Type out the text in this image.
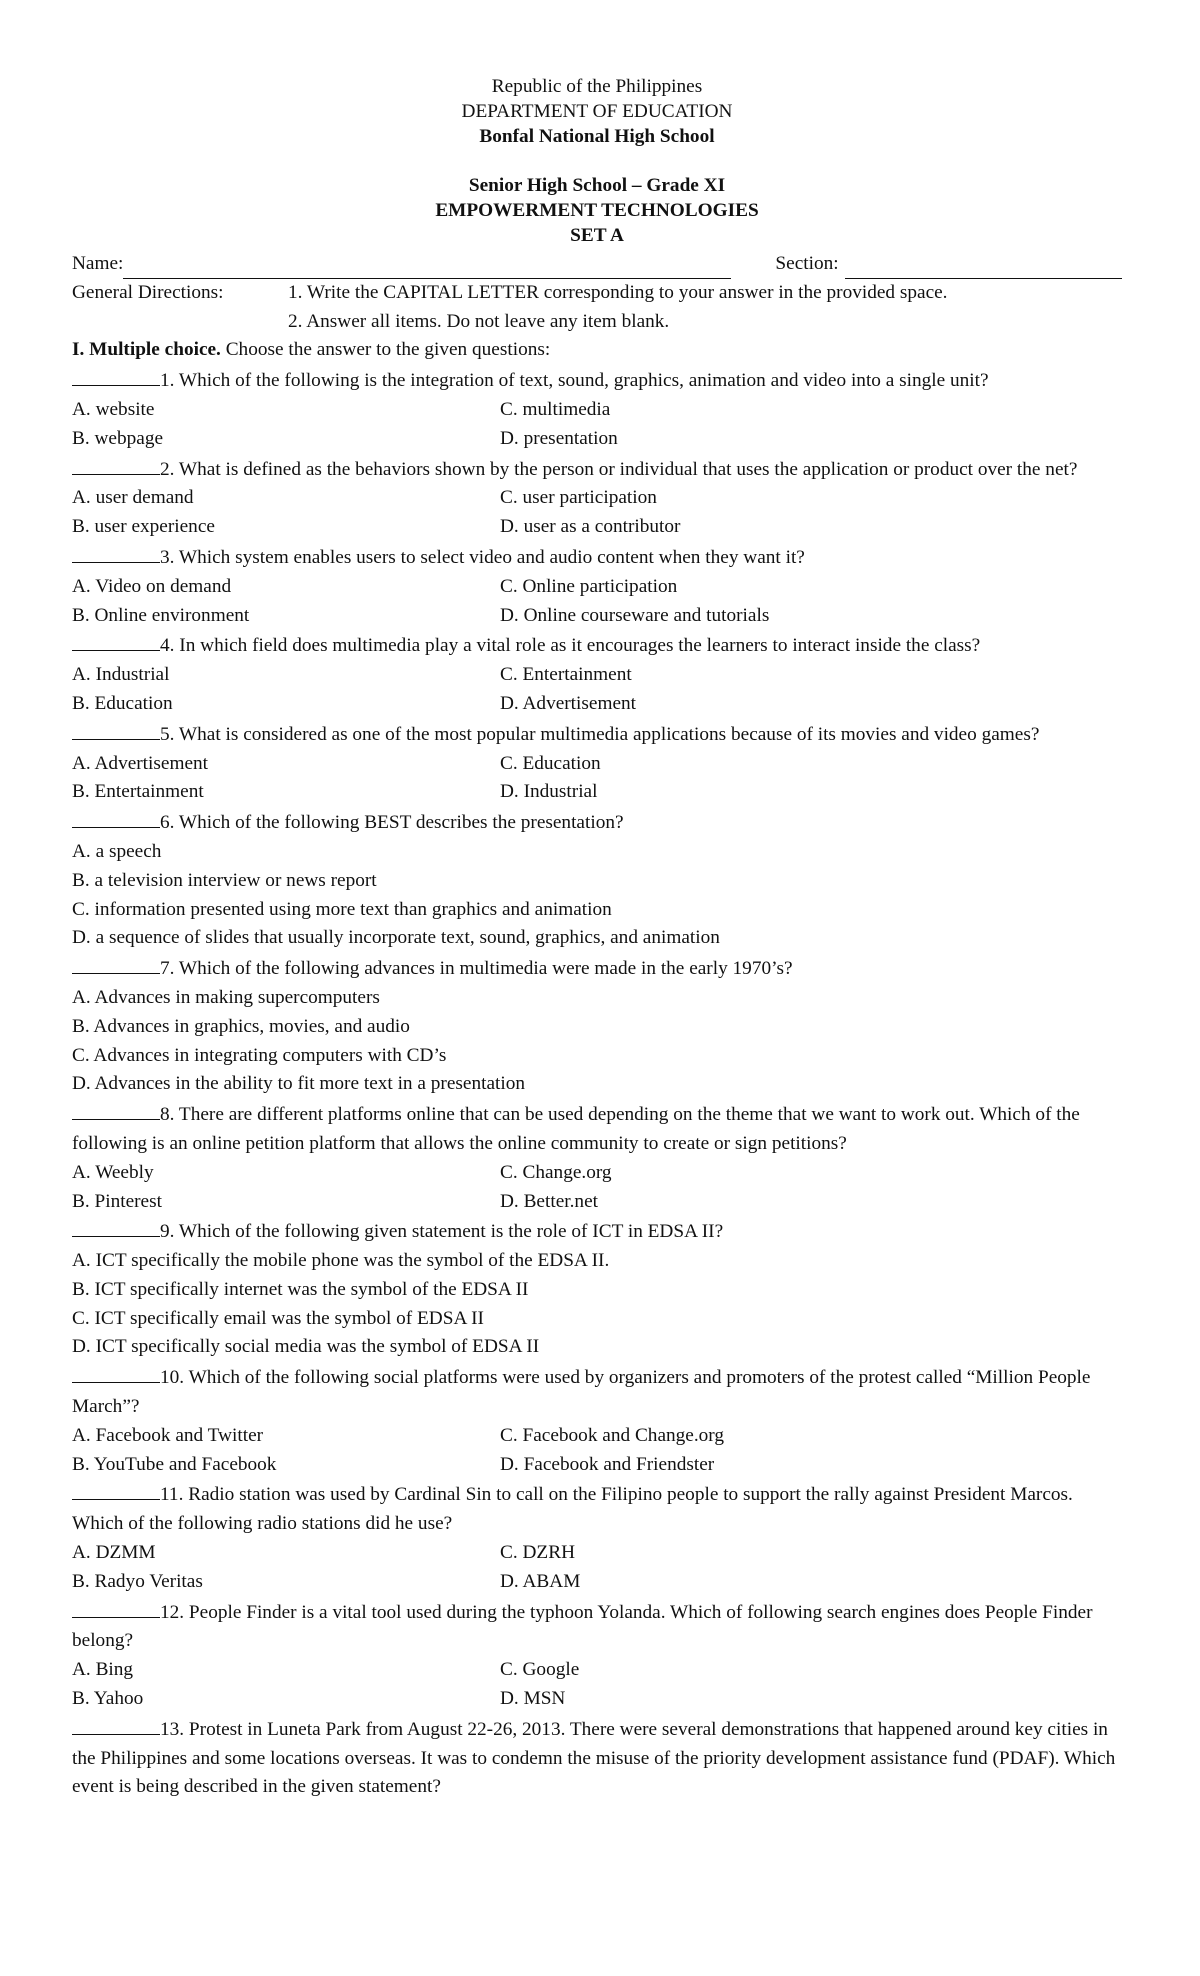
Republic of the Philippines
DEPARTMENT OF EDUCATION
Bonfal National High School
Senior High School – Grade XI
EMPOWERMENT TECHNOLOGIES
SET A
Name:	Section:
General Directions:	1. Write the CAPITAL LETTER corresponding to your answer in the provided space.
2. Answer all items. Do not leave any item blank.
I. Multiple choice. Choose the answer to the given questions:
1. Which of the following is the integration of text, sound, graphics, animation and video into a single unit?
A. website	C. multimedia
B. webpage	D. presentation
2. What is defined as the behaviors shown by the person or individual that uses the application or product over the net?
A. user demand	C. user participation
B. user experience	D. user as a contributor
3. Which system enables users to select video and audio content when they want it?
A. Video on demand	C. Online participation
B. Online environment	D. Online courseware and tutorials
4. In which field does multimedia play a vital role as it encourages the learners to interact inside the class?
A. Industrial	C. Entertainment
B. Education	D. Advertisement
5. What is considered as one of the most popular multimedia applications because of its movies and video games?
A. Advertisement	C. Education
B. Entertainment	D. Industrial
6. Which of the following BEST describes the presentation?
A. a speech
B. a television interview or news report
C. information presented using more text than graphics and animation
D. a sequence of slides that usually incorporate text, sound, graphics, and animation
7. Which of the following advances in multimedia were made in the early 1970’s?
A. Advances in making supercomputers
B. Advances in graphics, movies, and audio
C. Advances in integrating computers with CD’s
D. Advances in the ability to fit more text in a presentation
8. There are different platforms online that can be used depending on the theme that we want to work out. Which of the following is an online petition platform that allows the online community to create or sign petitions?
A. Weebly	C. Change.org
B. Pinterest	D. Better.net
9. Which of the following given statement is the role of ICT in EDSA II?
A. ICT specifically the mobile phone was the symbol of the EDSA II.
B. ICT specifically internet was the symbol of the EDSA II
C. ICT specifically email was the symbol of EDSA II
D. ICT specifically social media was the symbol of EDSA II
10. Which of the following social platforms were used by organizers and promoters of the protest called “Million People March”?
A. Facebook and Twitter	C. Facebook and Change.org
B. YouTube and Facebook	D. Facebook and Friendster
11. Radio station was used by Cardinal Sin to call on the Filipino people to support the rally against President Marcos. Which of the following radio stations did he use?
A. DZMM	C. DZRH
B. Radyo Veritas	D. ABAM
12. People Finder is a vital tool used during the typhoon Yolanda. Which of following search engines does People Finder belong?
A. Bing	C. Google
B. Yahoo	D. MSN
13. Protest in Luneta Park from August 22-26, 2013. There were several demonstrations that happened around key cities in the Philippines and some locations overseas. It was to condemn the misuse of the priority development assistance fund (PDAF). Which event is being described in the given statement?
